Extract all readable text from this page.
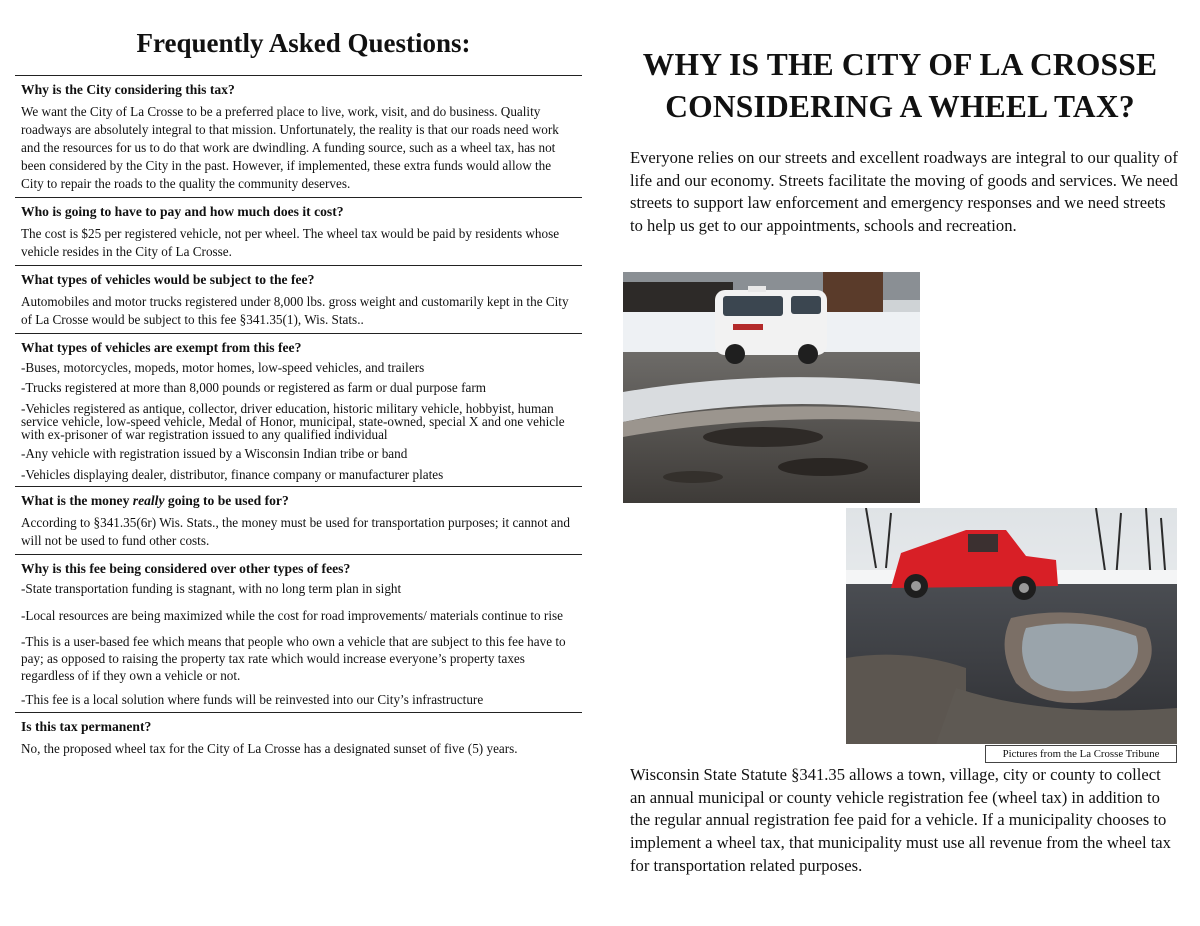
Frequently Asked Questions:

Why is the City considering this tax?

We want the City of La Crosse to be a preferred place to live, work, visit, and do business. Quality roadways are absolutely integral to that mission. Unfortunately, the reality is that our roads need work and the resources for us to do that work are dwindling. A funding source, such as a wheel tax, has not been considered by the City in the past. However, if implemented, these extra funds would allow the City to repair the roads to the quality the community deserves.

Who is going to have to pay and how much does it cost?

The cost is $25 per registered vehicle, not per wheel. The wheel tax would be paid by residents whose vehicle resides in the City of La Crosse.

What types of vehicles would be subject to the fee?

Automobiles and motor trucks registered under 8,000 lbs. gross weight and customarily kept in the City of La Crosse would be subject to this fee §341.35(1), Wis. Stats..

What types of vehicles are exempt from this fee?

-Buses, motorcycles, mopeds, motor homes, low-speed vehicles, and trailers

-Trucks registered at more than 8,000 pounds or registered as farm or dual purpose farm

-Vehicles registered as antique, collector, driver education, historic military vehicle, hobbyist, human service vehicle, low-speed vehicle, Medal of Honor, municipal, state-owned, special X and one vehicle with ex-prisoner of war registration issued to any qualified individual

-Any vehicle with registration issued by a Wisconsin Indian tribe or band

-Vehicles displaying dealer, distributor, finance company or manufacturer plates

What is the money really going to be used for?

According to §341.35(6r) Wis. Stats., the money must be used for transportation purposes; it cannot and will not be used to fund other costs.

Why is this fee being considered over other types of fees?

-State transportation funding is stagnant, with no long term plan in sight

-Local resources are being maximized while the cost for road improvements/ materials continue to rise

-This is a user-based fee which means that people who own a vehicle that are subject to this fee have to pay; as opposed to raising the property tax rate which would increase everyone’s property taxes regardless of if they own a vehicle or not.

-This fee is a local solution where funds will be reinvested into our City’s infrastructure

Is this tax permanent?

No, the proposed wheel tax for the City of La Crosse has a designated sunset of five (5) years.

WHY IS THE CITY OF LA CROSSE
CONSIDERING A WHEEL TAX?

Everyone relies on our streets and excellent roadways are integral to our quality of life and our economy. Streets facilitate the moving of goods and services. We need streets to support law enforcement and emergency responses and we need streets to help us get to our appointments, schools and recreation.

Pictures from the La Crosse Tribune

Wisconsin State Statute §341.35 allows a town, village, city or county to collect an annual municipal or county vehicle registration fee (wheel tax) in addition to the regular annual registration fee paid for a vehicle. If a municipality chooses to implement a wheel tax, that municipality must use all revenue from the wheel tax for transportation related purposes.
